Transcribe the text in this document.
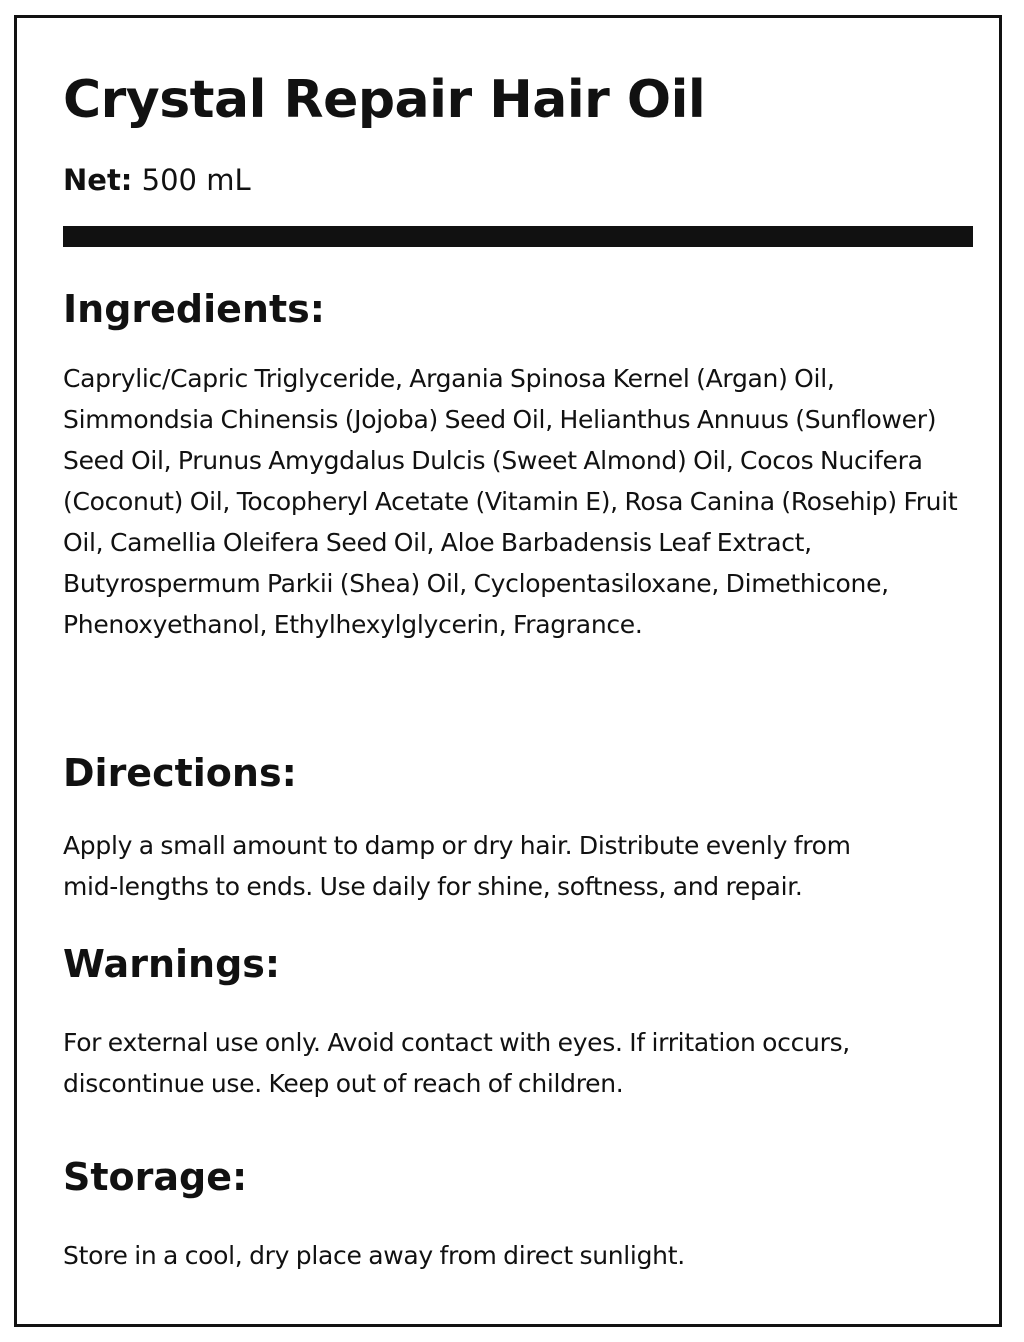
Crystal Repair Hair Oil
Net: 500 mL
Ingredients:

Caprylic/Capric Triglyceride, Argania Spinosa Kernel (Argan) Oil, Simmondsia Chinensis (Jojoba) Seed Oil, Helianthus Annuus (Sunflower) Seed Oil, Prunus Amygdalus Dulcis (Sweet Almond) Oil, Cocos Nucifera (Coconut) Oil, Tocopheryl Acetate (Vitamin E), Rosa Canina (Rosehip) Fruit Oil, Camellia Oleifera Seed Oil, Aloe Barbadensis Leaf Extract, Butyrospermum Parkii (Shea) Oil, Cyclopentasiloxane, Dimethicone, Phenoxyethanol, Ethylhexylglycerin, Fragrance.

Directions:

Apply a small amount to damp or dry hair. Distribute evenly from
mid-lengths to ends. Use daily for shine, softness, and repair.

Warnings:

For external use only. Avoid contact with eyes. If irritation occurs,
discontinue use. Keep out of reach of children.

Storage:

Store in a cool, dry place away from direct sunlight.
